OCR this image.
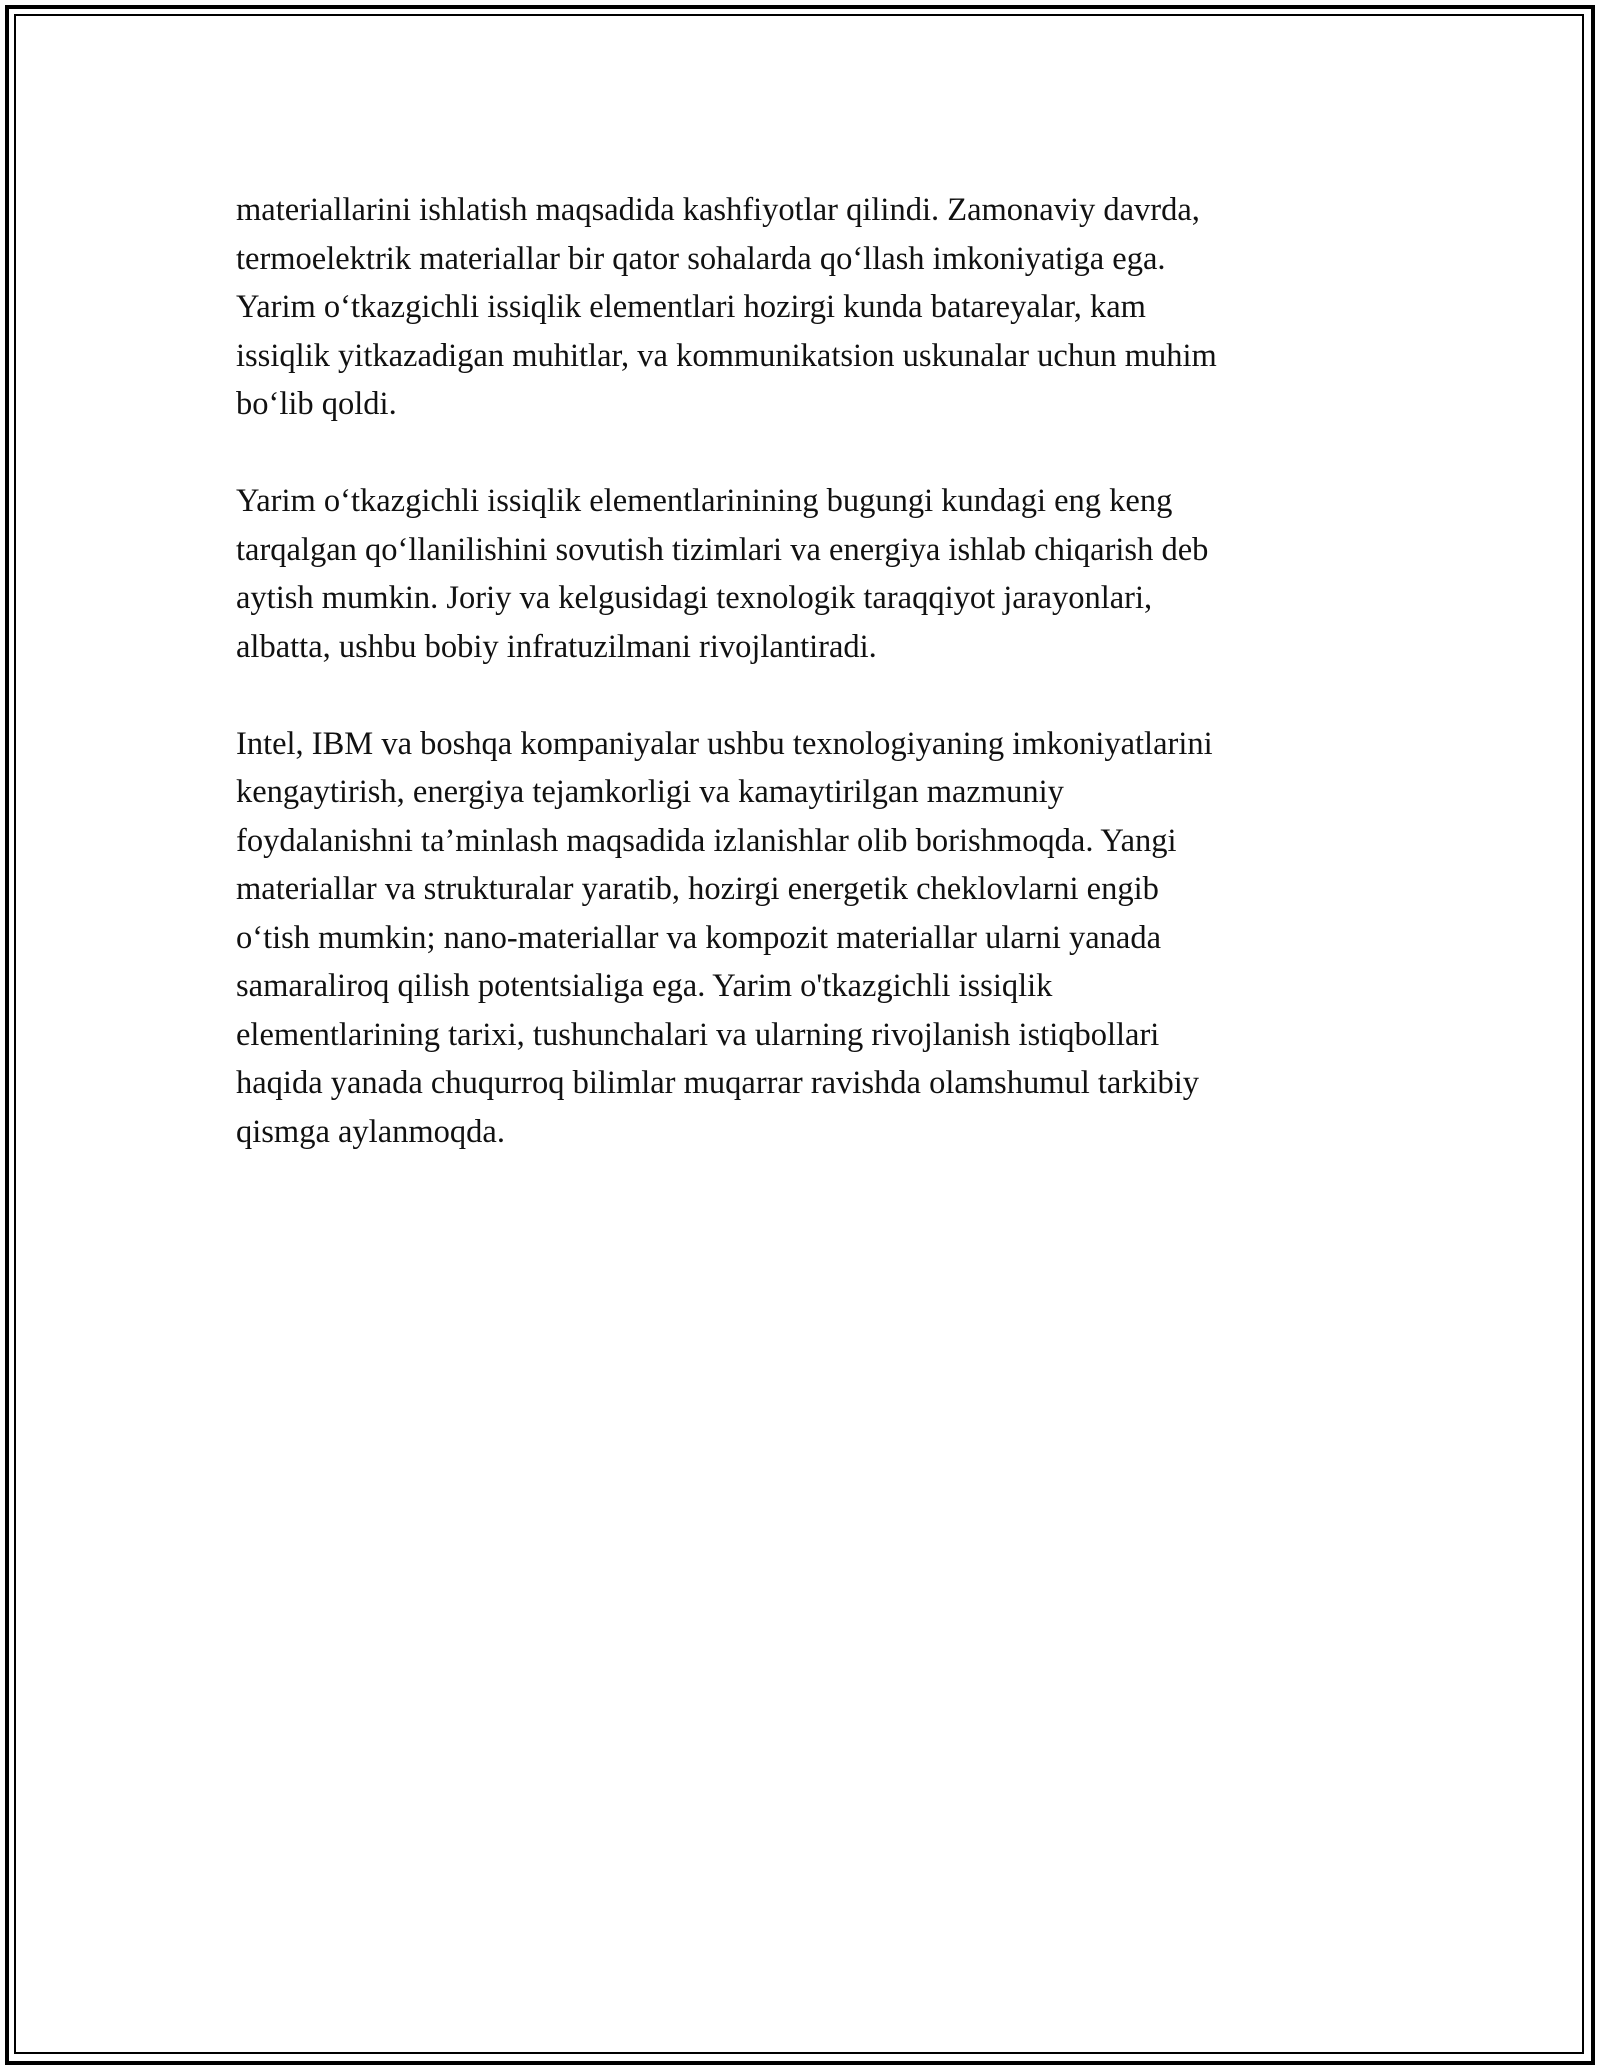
materiallarini ishlatish maqsadida kashfiyotlar qilindi. Zamonaviy davrda,
termoelektrik materiallar bir qator sohalarda qo‘llash imkoniyatiga ega.
Yarim o‘tkazgichli issiqlik elementlari hozirgi kunda batareyalar, kam
issiqlik yitkazadigan muhitlar, va kommunikatsion uskunalar uchun muhim
bo‘lib qoldi.

Yarim o‘tkazgichli issiqlik elementlarinining bugungi kundagi eng keng
tarqalgan qo‘llanilishini sovutish tizimlari va energiya ishlab chiqarish deb
aytish mumkin. Joriy va kelgusidagi texnologik taraqqiyot jarayonlari,
albatta, ushbu bobiy infratuzilmani rivojlantiradi.

Intel, IBM va boshqa kompaniyalar ushbu texnologiyaning imkoniyatlarini
kengaytirish, energiya tejamkorligi va kamaytirilgan mazmuniy
foydalanishni ta’minlash maqsadida izlanishlar olib borishmoqda. Yangi
materiallar va strukturalar yaratib, hozirgi energetik cheklovlarni engib
o‘tish mumkin; nano-materiallar va kompozit materiallar ularni yanada
samaraliroq qilish potentsialiga ega. Yarim o'tkazgichli issiqlik
elementlarining tarixi, tushunchalari va ularning rivojlanish istiqbollari
haqida yanada chuqurroq bilimlar muqarrar ravishda olamshumul tarkibiy
qismga aylanmoqda.
